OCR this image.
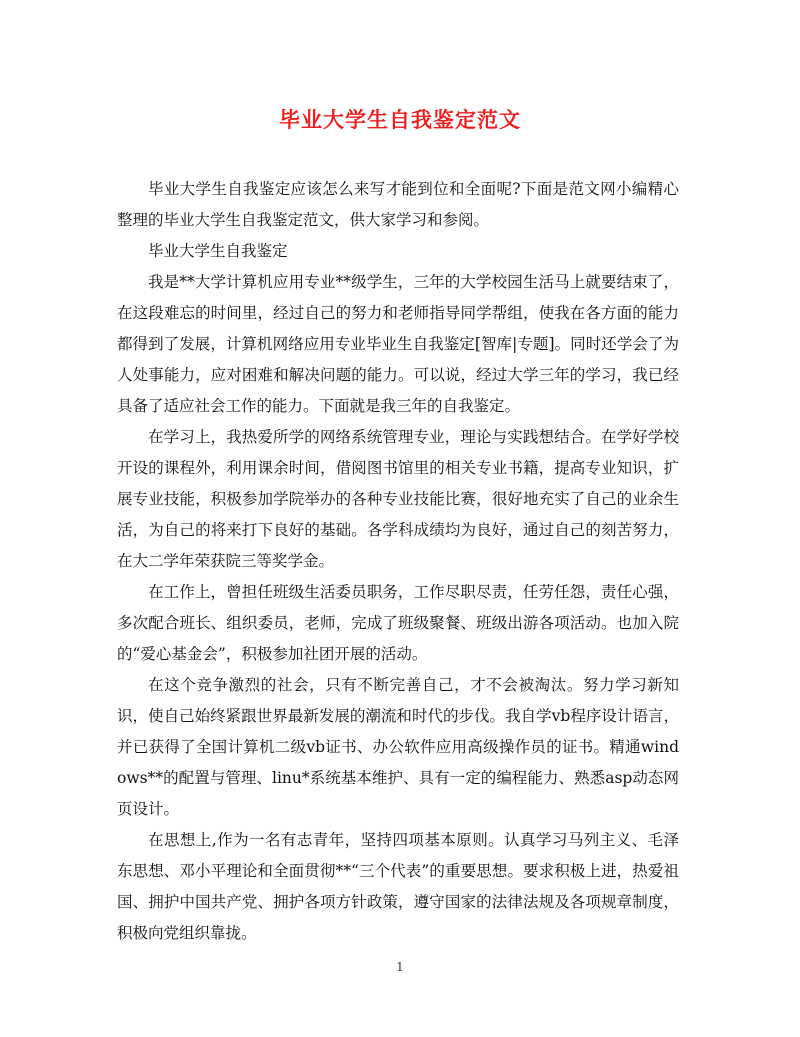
毕业大学生自我鉴定范文

毕业大学生自我鉴定应该怎么来写才能到位和全面呢?下面是范文网小编精心整理的毕业大学生自我鉴定范文，供大家学习和参阅。

毕业大学生自我鉴定

我是**大学计算机应用专业**级学生，三年的大学校园生活马上就要结束了，在这段难忘的时间里，经过自己的努力和老师指导同学帮组，使我在各方面的能力都得到了发展，计算机网络应用专业毕业生自我鉴定[智库|专题]。同时还学会了为人处事能力，应对困难和解决问题的能力。可以说，经过大学三年的学习，我已经具备了适应社会工作的能力。下面就是我三年的自我鉴定。

在学习上，我热爱所学的网络系统管理专业，理论与实践想结合。在学好学校开设的课程外，利用课余时间，借阅图书馆里的相关专业书籍，提高专业知识，扩展专业技能，积极参加学院举办的各种专业技能比赛，很好地充实了自己的业余生活，为自己的将来打下良好的基础。各学科成绩均为良好，通过自己的刻苦努力，在大二学年荣获院三等奖学金。

在工作上，曾担任班级生活委员职务，工作尽职尽责，任劳任怨，责任心强，多次配合班长、组织委员，老师，完成了班级聚餐、班级出游各项活动。也加入院的“爱心基金会”，积极参加社团开展的活动。

在这个竞争激烈的社会，只有不断完善自己，才不会被淘汰。努力学习新知识，使自己始终紧跟世界最新发展的潮流和时代的步伐。我自学vb程序设计语言，并已获得了全国计算机二级vb证书、办公软件应用高级操作员的证书。精通windows**的配置与管理、linu*系统基本维护、具有一定的编程能力、熟悉asp动态网页设计。

在思想上,作为一名有志青年，坚持四项基本原则。认真学习马列主义、毛泽东思想、邓小平理论和全面贯彻**“三个代表”的重要思想。要求积极上进，热爱祖国、拥护中国共产党、拥护各项方针政策，遵守国家的法律法规及各项规章制度，积极向党组织靠拢。

1
